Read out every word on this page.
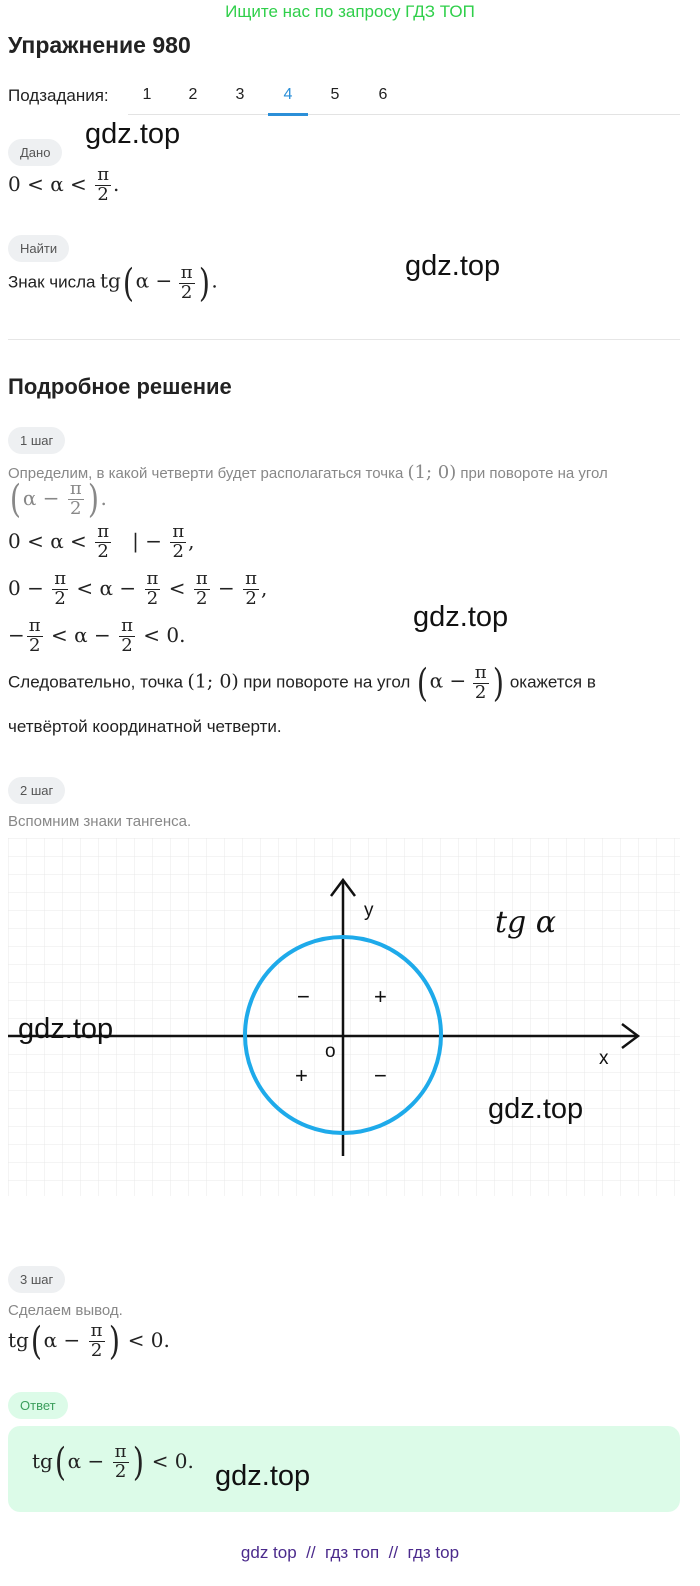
Ищите нас по запросу ГДЗ ТОП
Упражнение 980
Подзадания:	1	2	3	4	5	6
Дано
$0 < \alpha < \frac{\pi}{2}$ .
Найти
Знак числа $tg(\alpha - \frac{\pi}{2}$ ).
Подробное решение
1 шаг
Определим, в какой четверти будет располагаться точка (1; 0) при повороте на угол
($\alpha - \frac{\pi}{2}$ ).
$0 < \alpha < \frac{\pi}{2}$ | − $\frac{\pi}{2}$ ,
$0 - \frac{\pi}{2} < \alpha - \frac{\pi}{2} < \frac{\pi}{2} - \frac{\pi}{2}$ ,
− $\frac{\pi}{2} < \alpha - \frac{\pi}{2} < 0$.
Следовательно, точка (1; 0) при повороте на угол ($\alpha - \frac{\pi}{2}$ ) окажется в
четвёртой координатной четверти.
2 шаг
Вспомним знаки тангенса.
y
x
o
tg α
+
−
+	−
3 шаг
Сделаем вывод.
$tg(\alpha - \frac{\pi}{2}$ ) < 0.
Ответ
$tg(\alpha - \frac{\pi}{2}$ ) < 0.
gdz.top
gdz.top
gdz.top
gdz.top
gdz.top
gdz.top
gdz top // гдз топ // гдз top
